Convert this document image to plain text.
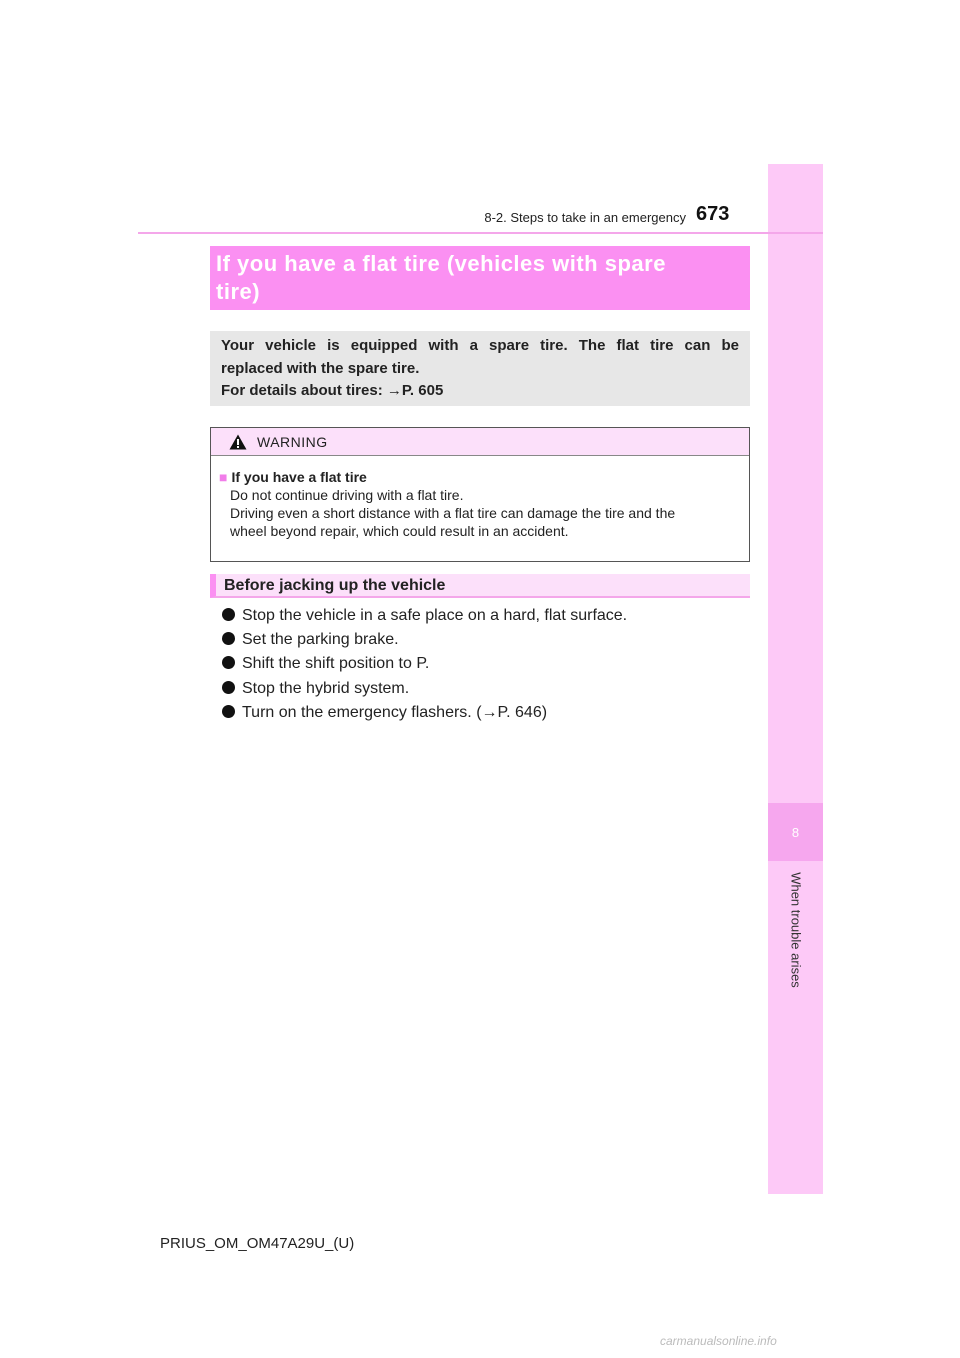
8
When trouble arises
8-2. Steps to take in an emergency 673
If you have a flat tire (vehicles with spare
tire)
Your vehicle is equipped with a spare tire. The flat tire can be
replaced with the spare tire.
For details about tires: →P. 605
WARNING
■ If you have a flat tire
Do not continue driving with a flat tire.
Driving even a short distance with a flat tire can damage the tire and the
wheel beyond repair, which could result in an accident.
Before jacking up the vehicle
Stop the vehicle in a safe place on a hard, flat surface.
Set the parking brake.
Shift the shift position to P.
Stop the hybrid system.
Turn on the emergency flashers. (→P. 646)
PRIUS_OM_OM47A29U_(U)
carmanualsonline.info
